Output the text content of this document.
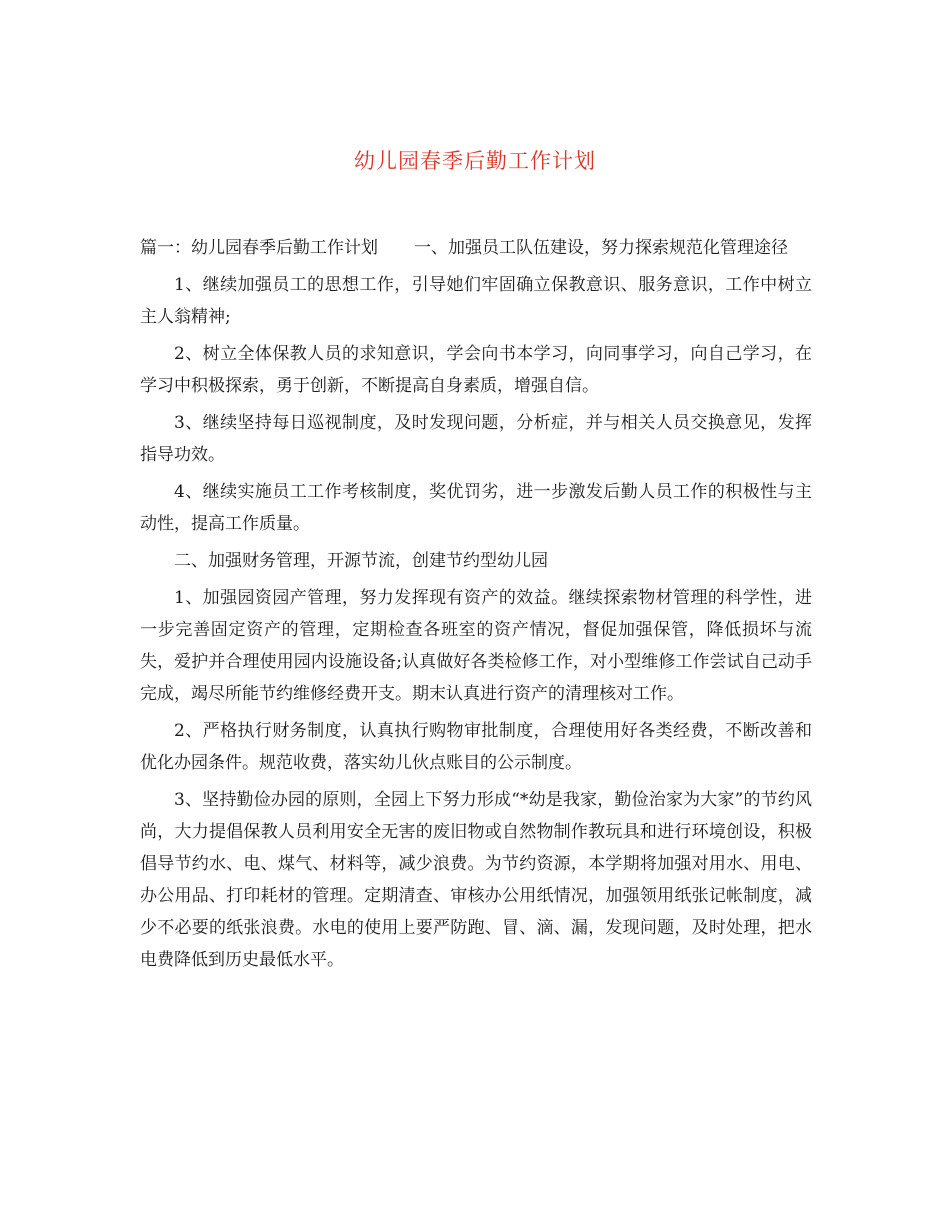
幼儿园春季后勤工作计划

篇一：幼儿园春季后勤工作计划 一、加强员工队伍建设，努力探索规范化管理途径

1、继续加强员工的思想工作，引导她们牢固确立保教意识、服务意识，工作中树立主人翁精神;

2、树立全体保教人员的求知意识，学会向书本学习，向同事学习，向自己学习，在学习中积极探索，勇于创新，不断提高自身素质，增强自信。

3、继续坚持每日巡视制度，及时发现问题，分析症，并与相关人员交换意见，发挥指导功效。

4、继续实施员工工作考核制度，奖优罚劣，进一步激发后勤人员工作的积极性与主动性，提高工作质量。

二、加强财务管理，开源节流，创建节约型幼儿园

1、加强园资园产管理，努力发挥现有资产的效益。继续探索物材管理的科学性，进一步完善固定资产的管理，定期检查各班室的资产情况，督促加强保管，降低损坏与流失，爱护并合理使用园内设施设备;认真做好各类检修工作，对小型维修工作尝试自己动手完成，竭尽所能节约维修经费开支。期末认真进行资产的清理核对工作。

2、严格执行财务制度，认真执行购物审批制度，合理使用好各类经费，不断改善和优化办园条件。规范收费，落实幼儿伙点账目的公示制度。

3、坚持勤俭办园的原则，全园上下努力形成“*幼是我家，勤俭治家为大家”的节约风尚，大力提倡保教人员利用安全无害的废旧物或自然物制作教玩具和进行环境创设，积极倡导节约水、电、煤气、材料等，减少浪费。为节约资源，本学期将加强对用水、用电、办公用品、打印耗材的管理。定期清查、审核办公用纸情况，加强领用纸张记帐制度，减少不必要的纸张浪费。水电的使用上要严防跑、冒、滴、漏，发现问题，及时处理，把水电费降低到历史最低水平。
